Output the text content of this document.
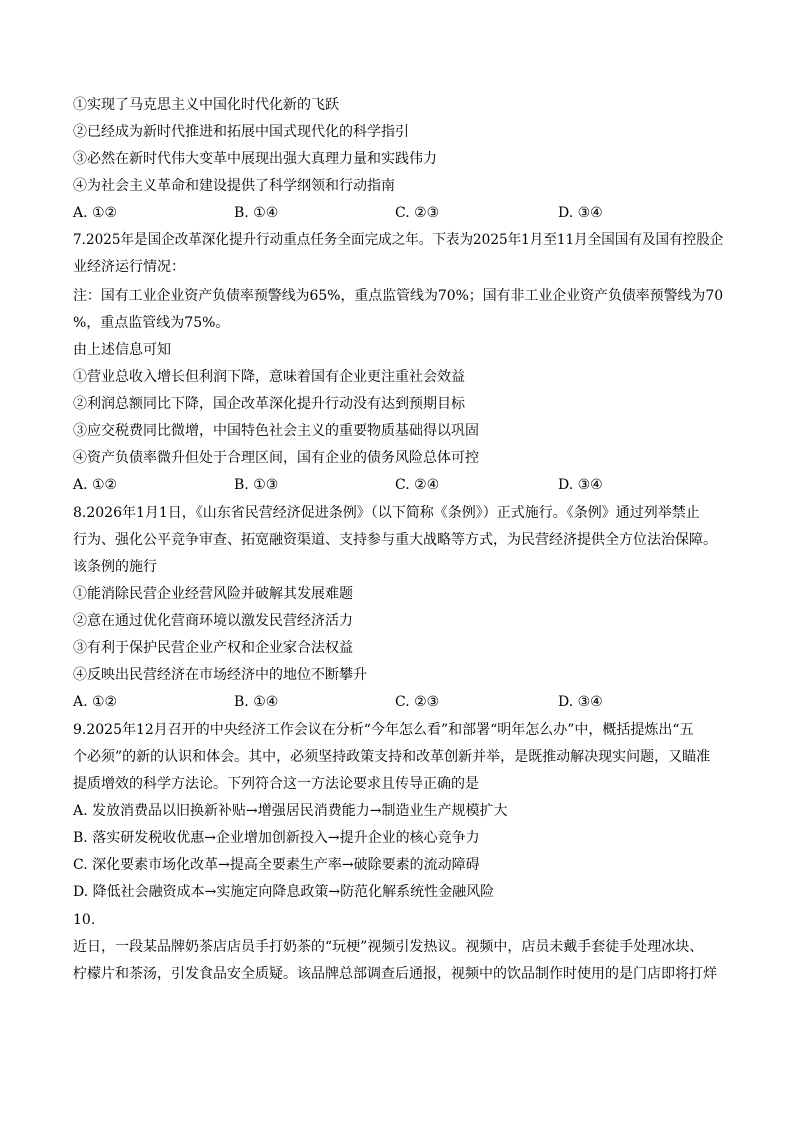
①实现了马克思主义中国化时代化新的飞跃
②已经成为新时代推进和拓展中国式现代化的科学指引
③必然在新时代伟大变革中展现出强大真理力量和实践伟力
④为社会主义革命和建设提供了科学纲领和行动指南
A. ①②	B. ①④	C. ②③	D. ③④
7.2025年是国企改革深化提升行动重点任务全面完成之年。下表为2025年1月至11月全国国有及国有控股企
业经济运行情况：
注：国有工业企业资产负债率预警线为65%，重点监管线为70%；国有非工业企业资产负债率预警线为70
%，重点监管线为75%。
由上述信息可知
①营业总收入增长但利润下降，意味着国有企业更注重社会效益
②利润总额同比下降，国企改革深化提升行动没有达到预期目标
③应交税费同比微增，中国特色社会主义的重要物质基础得以巩固
④资产负债率微升但处于合理区间，国有企业的债务风险总体可控
A. ①②	B. ①③	C. ②④	D. ③④
8.2026年1月1日，《山东省民营经济促进条例》（以下简称《条例》）正式施行。《条例》通过列举禁止
行为、强化公平竞争审查、拓宽融资渠道、支持参与重大战略等方式，为民营经济提供全方位法治保障。
该条例的施行
①能消除民营企业经营风险并破解其发展难题
②意在通过优化营商环境以激发民营经济活力
③有利于保护民营企业产权和企业家合法权益
④反映出民营经济在市场经济中的地位不断攀升
A. ①②	B. ①④	C. ②③	D. ③④
9.2025年12月召开的中央经济工作会议在分析“今年怎么看”和部署“明年怎么办”中，概括提炼出“五
个必须”的新的认识和体会。其中，必须坚持政策支持和改革创新并举，是既推动解决现实问题，又瞄准
提质增效的科学方法论。下列符合这一方法论要求且传导正确的是
A. 发放消费品以旧换新补贴→增强居民消费能力→制造业生产规模扩大
B. 落实研发税收优惠→企业增加创新投入→提升企业的核心竞争力
C. 深化要素市场化改革→提高全要素生产率→破除要素的流动障碍
D. 降低社会融资成本→实施定向降息政策→防范化解系统性金融风险
10.
近日，一段某品牌奶茶店店员手打奶茶的“玩梗”视频引发热议。视频中，店员未戴手套徒手处理冰块、
柠檬片和茶汤，引发食品安全质疑。该品牌总部调查后通报，视频中的饮品制作时使用的是门店即将打烊
